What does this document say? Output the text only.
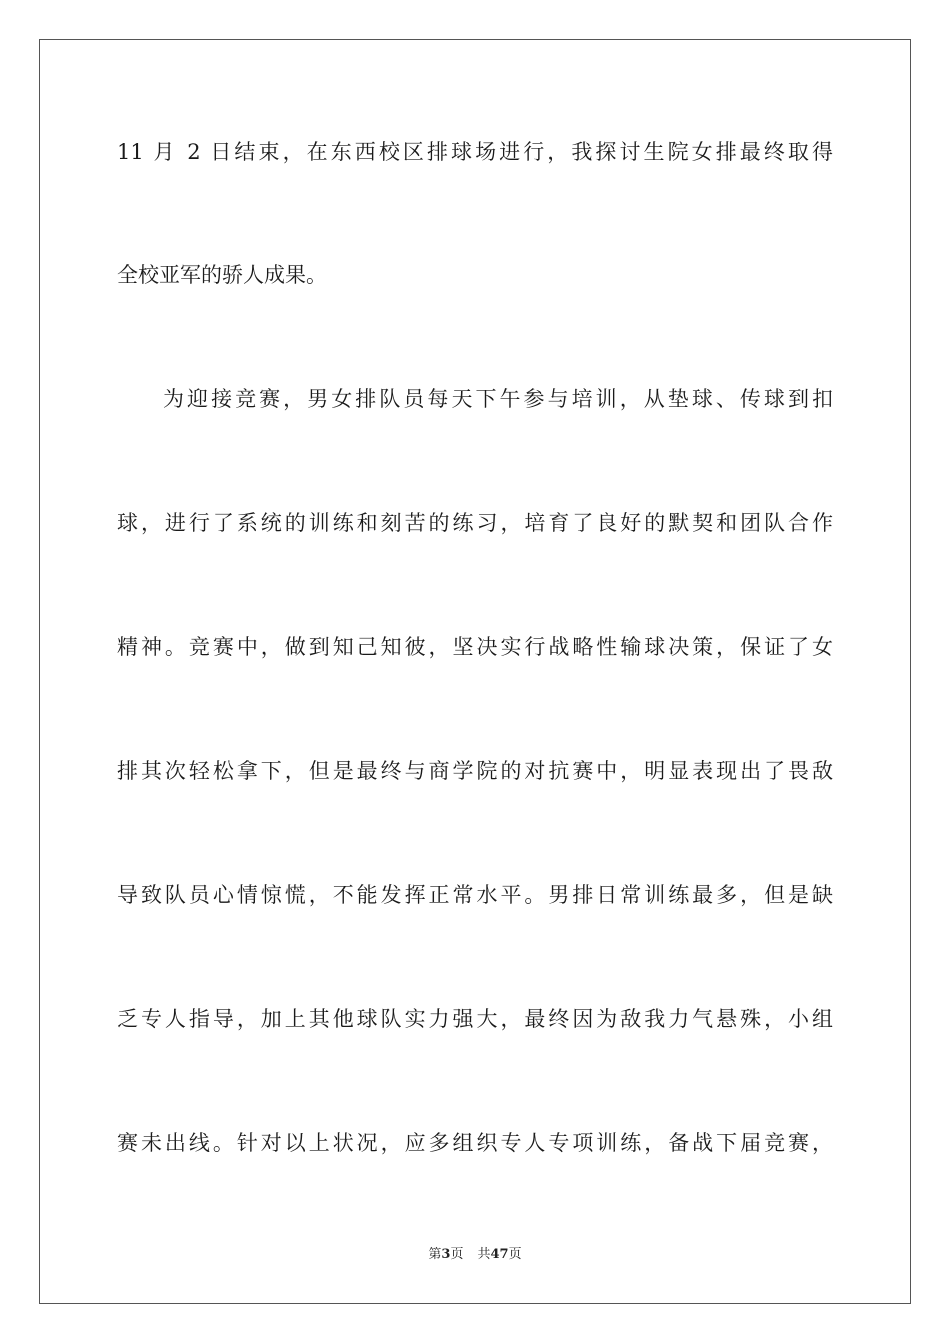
11 月 2 日结束，在东西校区排球场进行，我探讨生院女排最终取得
全校亚军的骄人成果。
为迎接竞赛，男女排队员每天下午参与培训，从垫球、传球到扣
球，进行了系统的训练和刻苦的练习，培育了良好的默契和团队合作
精神。竞赛中，做到知己知彼，坚决实行战略性输球决策，保证了女
排其次轻松拿下，但是最终与商学院的对抗赛中，明显表现出了畏敌
导致队员心情惊慌，不能发挥正常水平。男排日常训练最多，但是缺
乏专人指导，加上其他球队实力强大，最终因为敌我力气悬殊，小组
赛未出线。针对以上状况，应多组织专人专项训练，备战下届竞赛，
第3页 共47页
